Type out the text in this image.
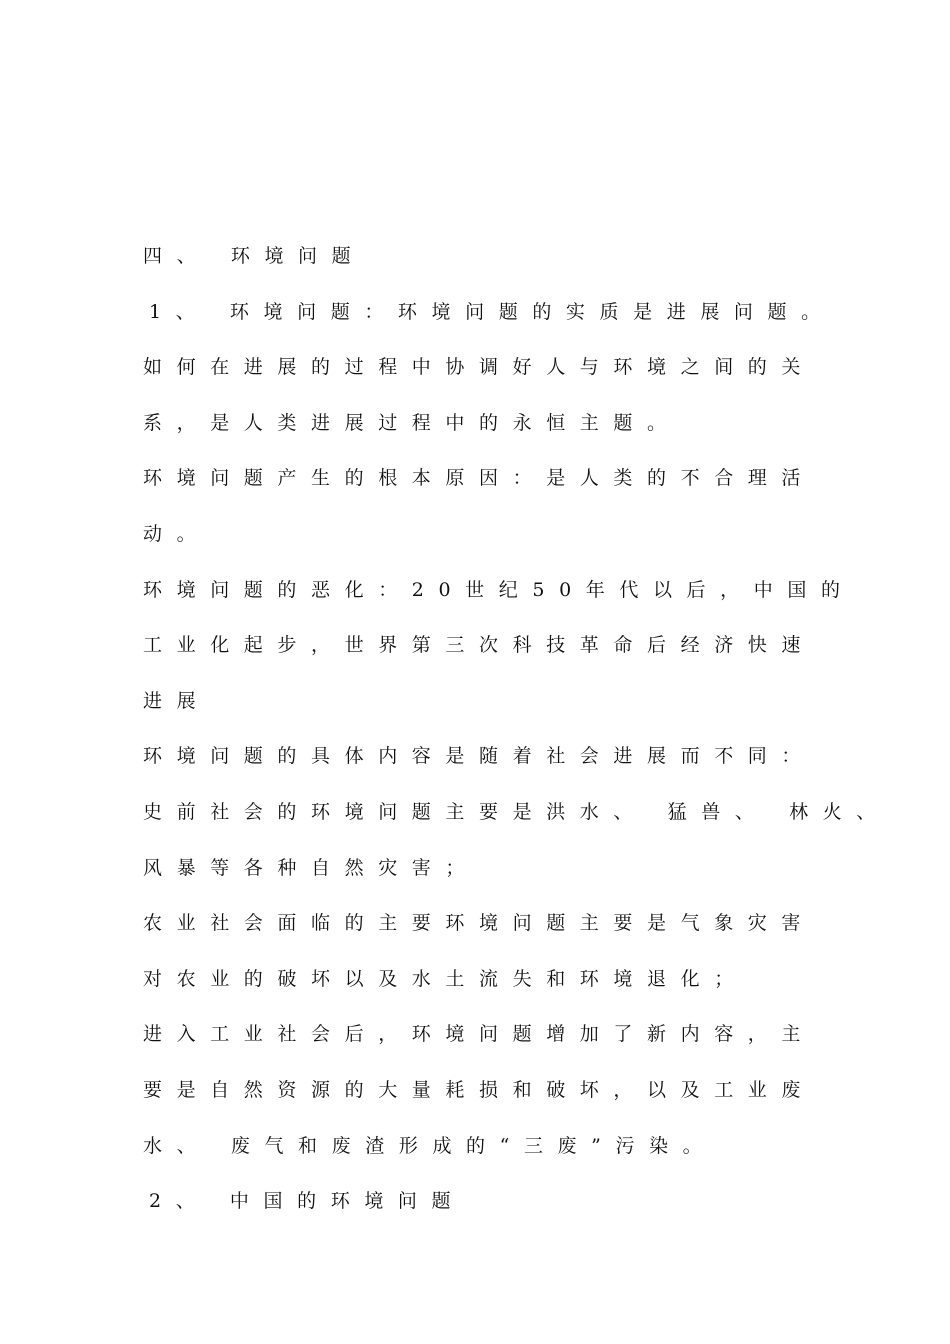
四、 环境问题
1、 环境问题：环境问题的实质是进展问题。
如何在进展的过程中协调好人与环境之间的关
系，是人类进展过程中的永恒主题。
环境问题产生的根本原因：是人类的不合理活
动。
环境问题的恶化：20世纪50年代以后，中国的
工业化起步，世界第三次科技革命后经济快速
进展
环境问题的具体内容是随着社会进展而不同：
史前社会的环境问题主要是洪水、 猛兽、 林火、
风暴等各种自然灾害；
农业社会面临的主要环境问题主要是气象灾害
对农业的破坏以及水土流失和环境退化；
进入工业社会后，环境问题增加了新内容，主
要是自然资源的大量耗损和破坏，以及工业废
水、 废气和废渣形成的“三废”污染。
2、 中国的环境问题
